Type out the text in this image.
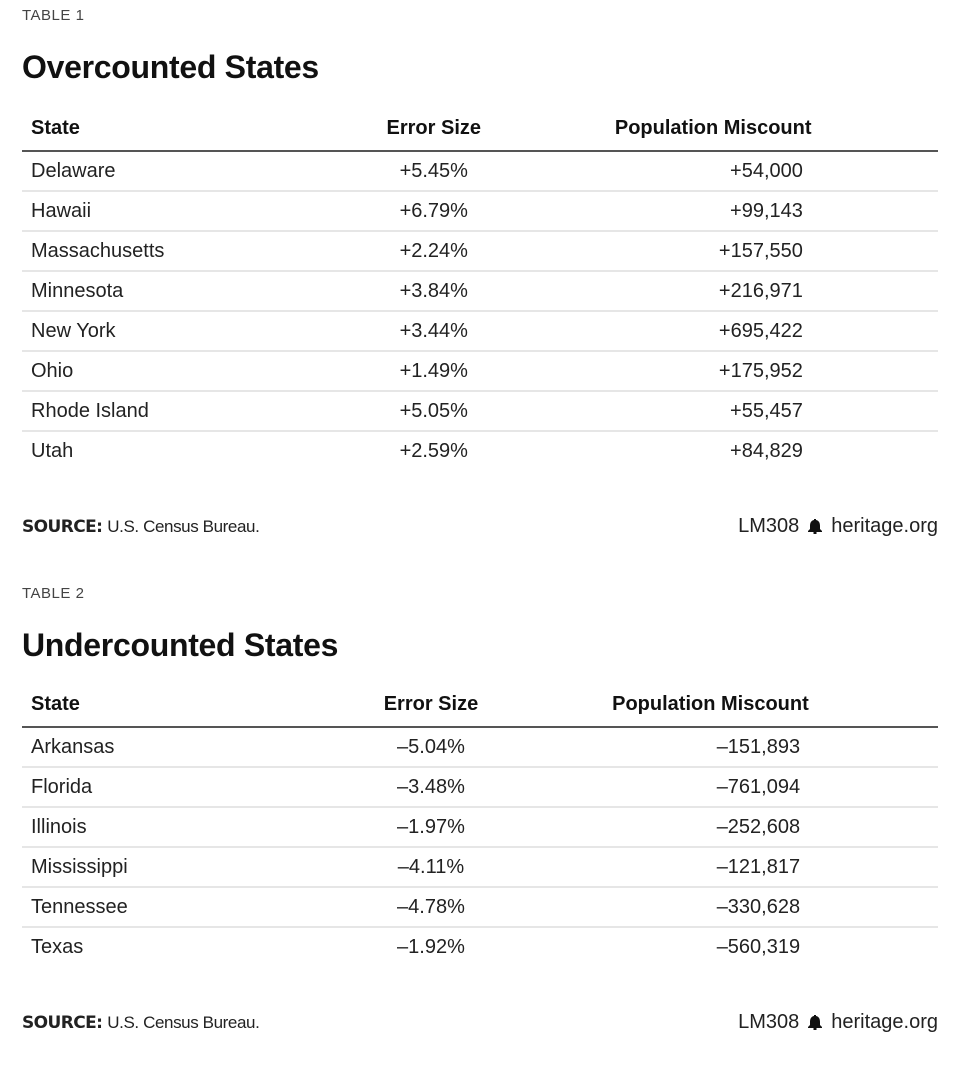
TABLE 1
Overcounted States
State	Error Size	Population Miscount
Delaware	+5.45%	+54,000
Hawaii	+6.79%	+99,143
Massachusetts	+2.24%	+157,550
Minnesota	+3.84%	+216,971
New York	+3.44%	+695,422
Ohio	+1.49%	+175,952
Rhode Island	+5.05%	+55,457
Utah	+2.59%	+84,829
SOURCE: U.S. Census Bureau.	LM308 heritage.org
TABLE 2
Undercounted States
State	Error Size	Population Miscount
Arkansas	–5.04%	–151,893
Florida	–3.48%	–761,094
Illinois	–1.97%	–252,608
Mississippi	–4.11%	–121,817
Tennessee	–4.78%	–330,628
Texas	–1.92%	–560,319
SOURCE: U.S. Census Bureau.	LM308 heritage.org
